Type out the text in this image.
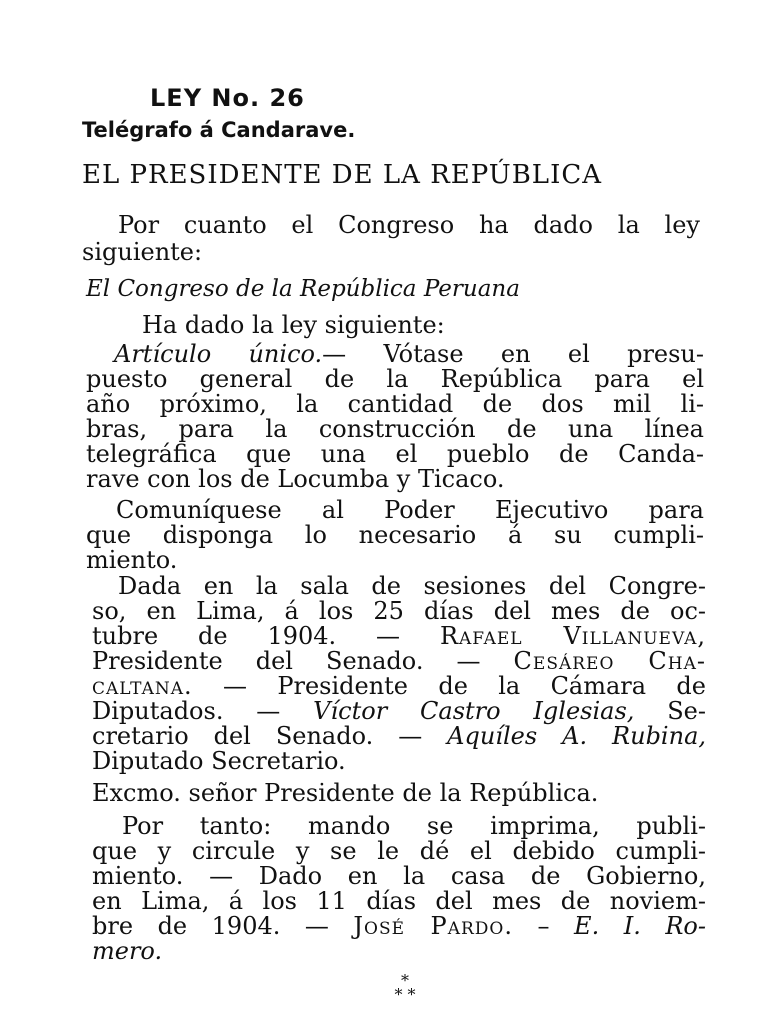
LEY No. 26
Telégrafo á Candarave.
EL PRESIDENTE DE LA REPÚBLICA
Por cuanto el Congreso ha dado la ley
siguiente:
El Congreso de la República Peruana
Ha dado la ley siguiente:
Artículo único.— Vótase en el presu-
puesto general de la República para el
año próximo, la cantidad de dos mil li-
bras, para la construcción de una línea
telegráfica que una el pueblo de Canda-
rave con los de Locumba y Ticaco.
Comuníquese al Poder Ejecutivo para
que disponga lo necesario á su cumpli-
miento.
Dada en la sala de sesiones del Congre-
so, en Lima, á los 25 días del mes de oc-
tubre de 1904. — Rafael Villanueva,
Presidente del Senado. — Cesáreo Cha-
caltana. — Presidente de la Cámara de
Diputados. — Víctor Castro Iglesias, Se-
cretario del Senado. — Aquíles A. Rubina,
Diputado Secretario.
Excmo. señor Presidente de la República.
Por tanto: mando se imprima, publi-
que y circule y se le dé el debido cumpli-
miento. — Dado en la casa de Gobierno,
en Lima, á los 11 días del mes de noviem-
bre de 1904. — José Pardo. – E. I. Ro-
mero.
*
* *
